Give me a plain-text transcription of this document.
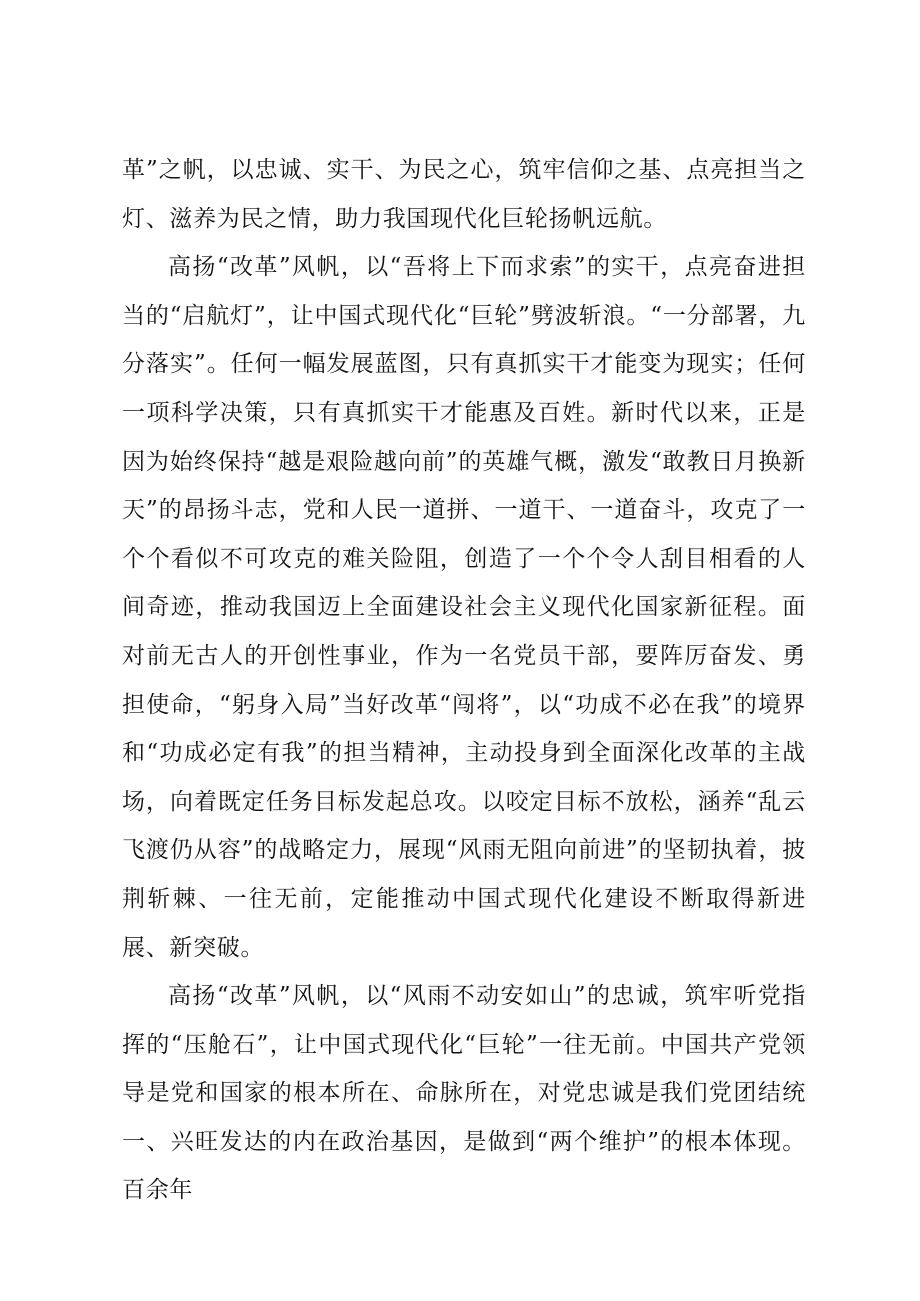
革”之帆，以忠诚、实干、为民之心，筑牢信仰之基、点亮担当之灯、滋养为民之情，助力我国现代化巨轮扬帆远航。

高扬“改革”风帆，以“吾将上下而求索”的实干，点亮奋进担当的“启航灯”，让中国式现代化“巨轮”劈波斩浪。“一分部署，九分落实”。任何一幅发展蓝图，只有真抓实干才能变为现实；任何一项科学决策，只有真抓实干才能惠及百姓。新时代以来，正是因为始终保持“越是艰险越向前”的英雄气概，激发“敢教日月换新天”的昂扬斗志，党和人民一道拼、一道干、一道奋斗，攻克了一个个看似不可攻克的难关险阻，创造了一个个令人刮目相看的人间奇迹，推动我国迈上全面建设社会主义现代化国家新征程。面对前无古人的开创性事业，作为一名党员干部，要阵厉奋发、勇担使命，“躬身入局”当好改革“闯将”，以“功成不必在我”的境界和“功成必定有我”的担当精神，主动投身到全面深化改革的主战场，向着既定任务目标发起总攻。以咬定目标不放松，涵养“乱云飞渡仍从容”的战略定力，展现“风雨无阻向前进”的坚韧执着，披荆斩棘、一往无前，定能推动中国式现代化建设不断取得新进展、新突破。

高扬“改革”风帆，以“风雨不动安如山”的忠诚，筑牢听党指挥的“压舱石”，让中国式现代化“巨轮”一往无前。中国共产党领导是党和国家的根本所在、命脉所在，对党忠诚是我们党团结统一、兴旺发达的内在政治基因，是做到“两个维护”的根本体现。百余年
